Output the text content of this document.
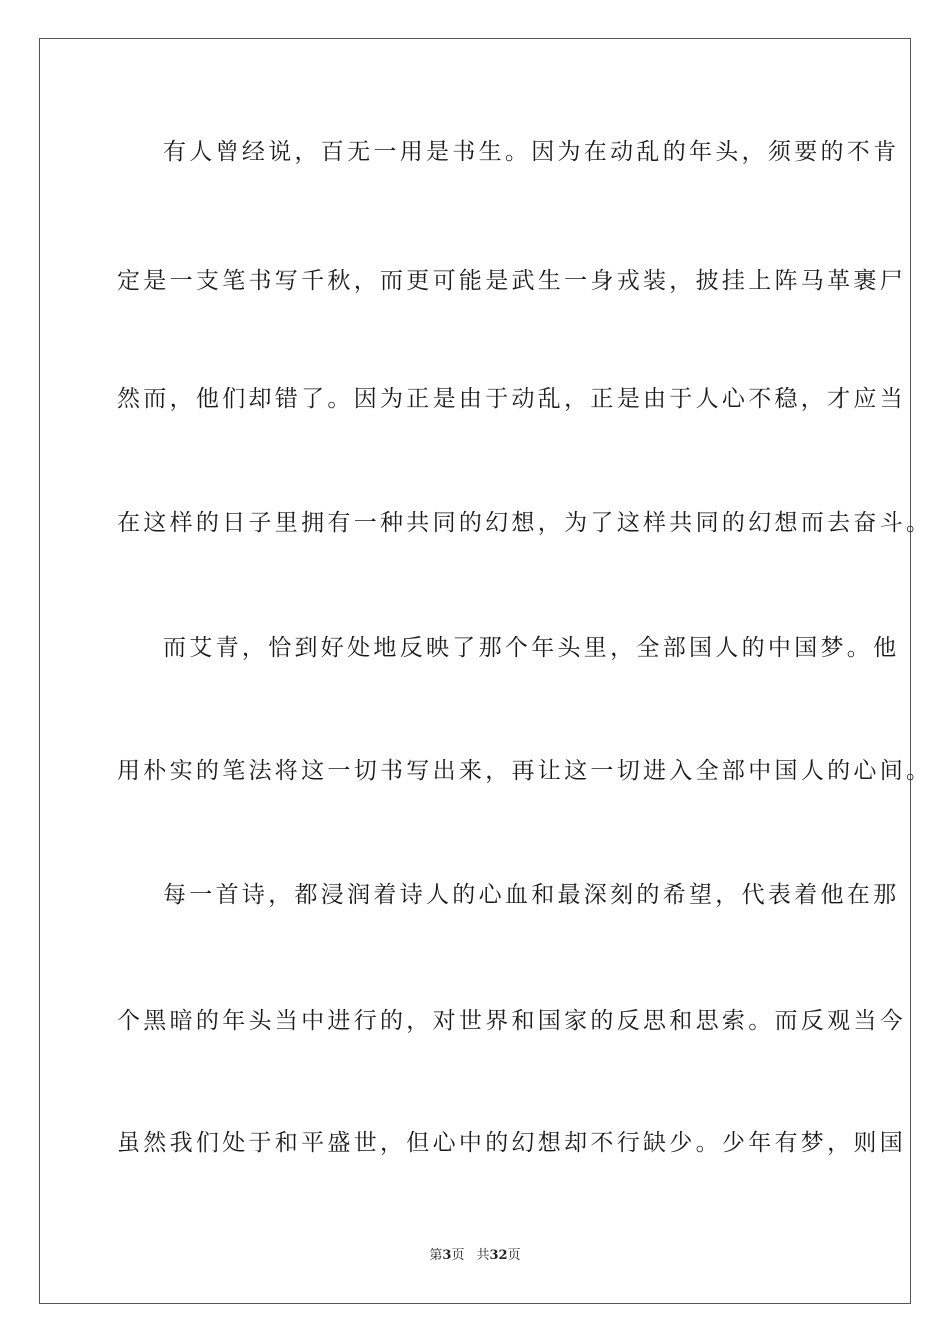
有人曾经说，百无一用是书生。因为在动乱的年头，须要的不肯
定是一支笔书写千秋，而更可能是武生一身戎装，披挂上阵马革裹尸
然而，他们却错了。因为正是由于动乱，正是由于人心不稳，才应当
在这样的日子里拥有一种共同的幻想，为了这样共同的幻想而去奋斗。
而艾青，恰到好处地反映了那个年头里，全部国人的中国梦。他
用朴实的笔法将这一切书写出来，再让这一切进入全部中国人的心间。
每一首诗，都浸润着诗人的心血和最深刻的希望，代表着他在那
个黑暗的年头当中进行的，对世界和国家的反思和思索。而反观当今
虽然我们处于和平盛世，但心中的幻想却不行缺少。少年有梦，则国
第3页 共32页
